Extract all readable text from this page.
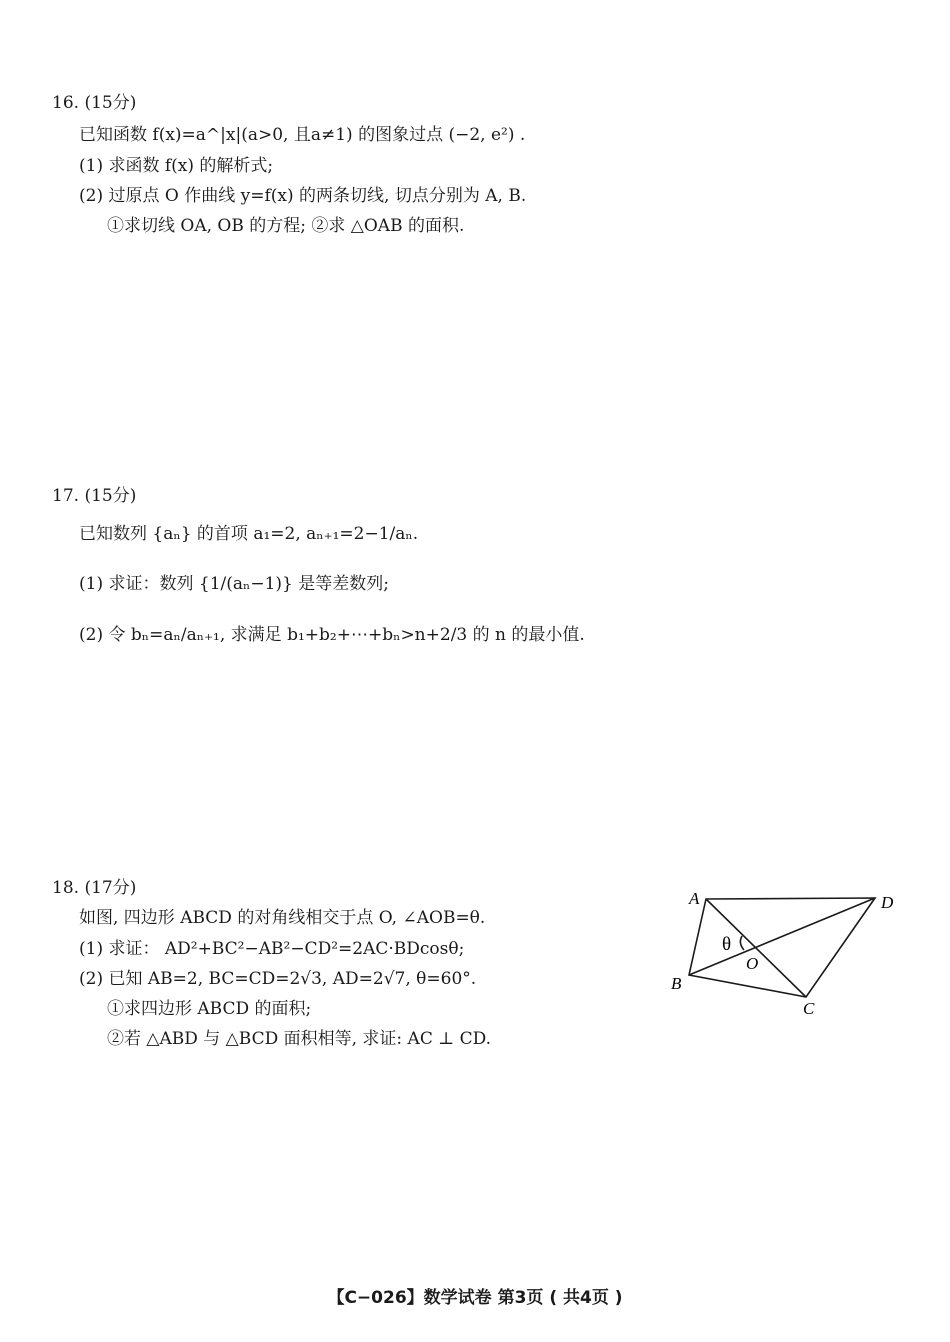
16. (15分)
已知函数 f(x)=a^|x|(a>0, 且a≠1) 的图象过点 (−2, e²) .
(1) 求函数 f(x) 的解析式;
(2) 过原点 O 作曲线 y=f(x) 的两条切线, 切点分别为 A, B.
①求切线 OA, OB 的方程; ②求 △OAB 的面积.
17. (15分)
已知数列 {aₙ} 的首项 a₁=2, aₙ₊₁=2−1/aₙ.
(1) 求证：数列 {1/(aₙ−1)} 是等差数列;
(2) 令 bₙ=aₙ/aₙ₊₁, 求满足 b₁+b₂+⋯+bₙ>n+2/3 的 n 的最小值.
18. (17分)
如图, 四边形 ABCD 的对角线相交于点 O, ∠AOB=θ.
(1) 求证： AD²+BC²−AB²−CD²=2AC·BDcosθ;
(2) 已知 AB=2, BC=CD=2√3, AD=2√7, θ=60°.
①求四边形 ABCD 的面积;
②若 △ABD 与 △BCD 面积相等, 求证: AC ⊥ CD.
A
B
C
D
O
θ
【C−026】数学试卷 第3页 ( 共4页 )
